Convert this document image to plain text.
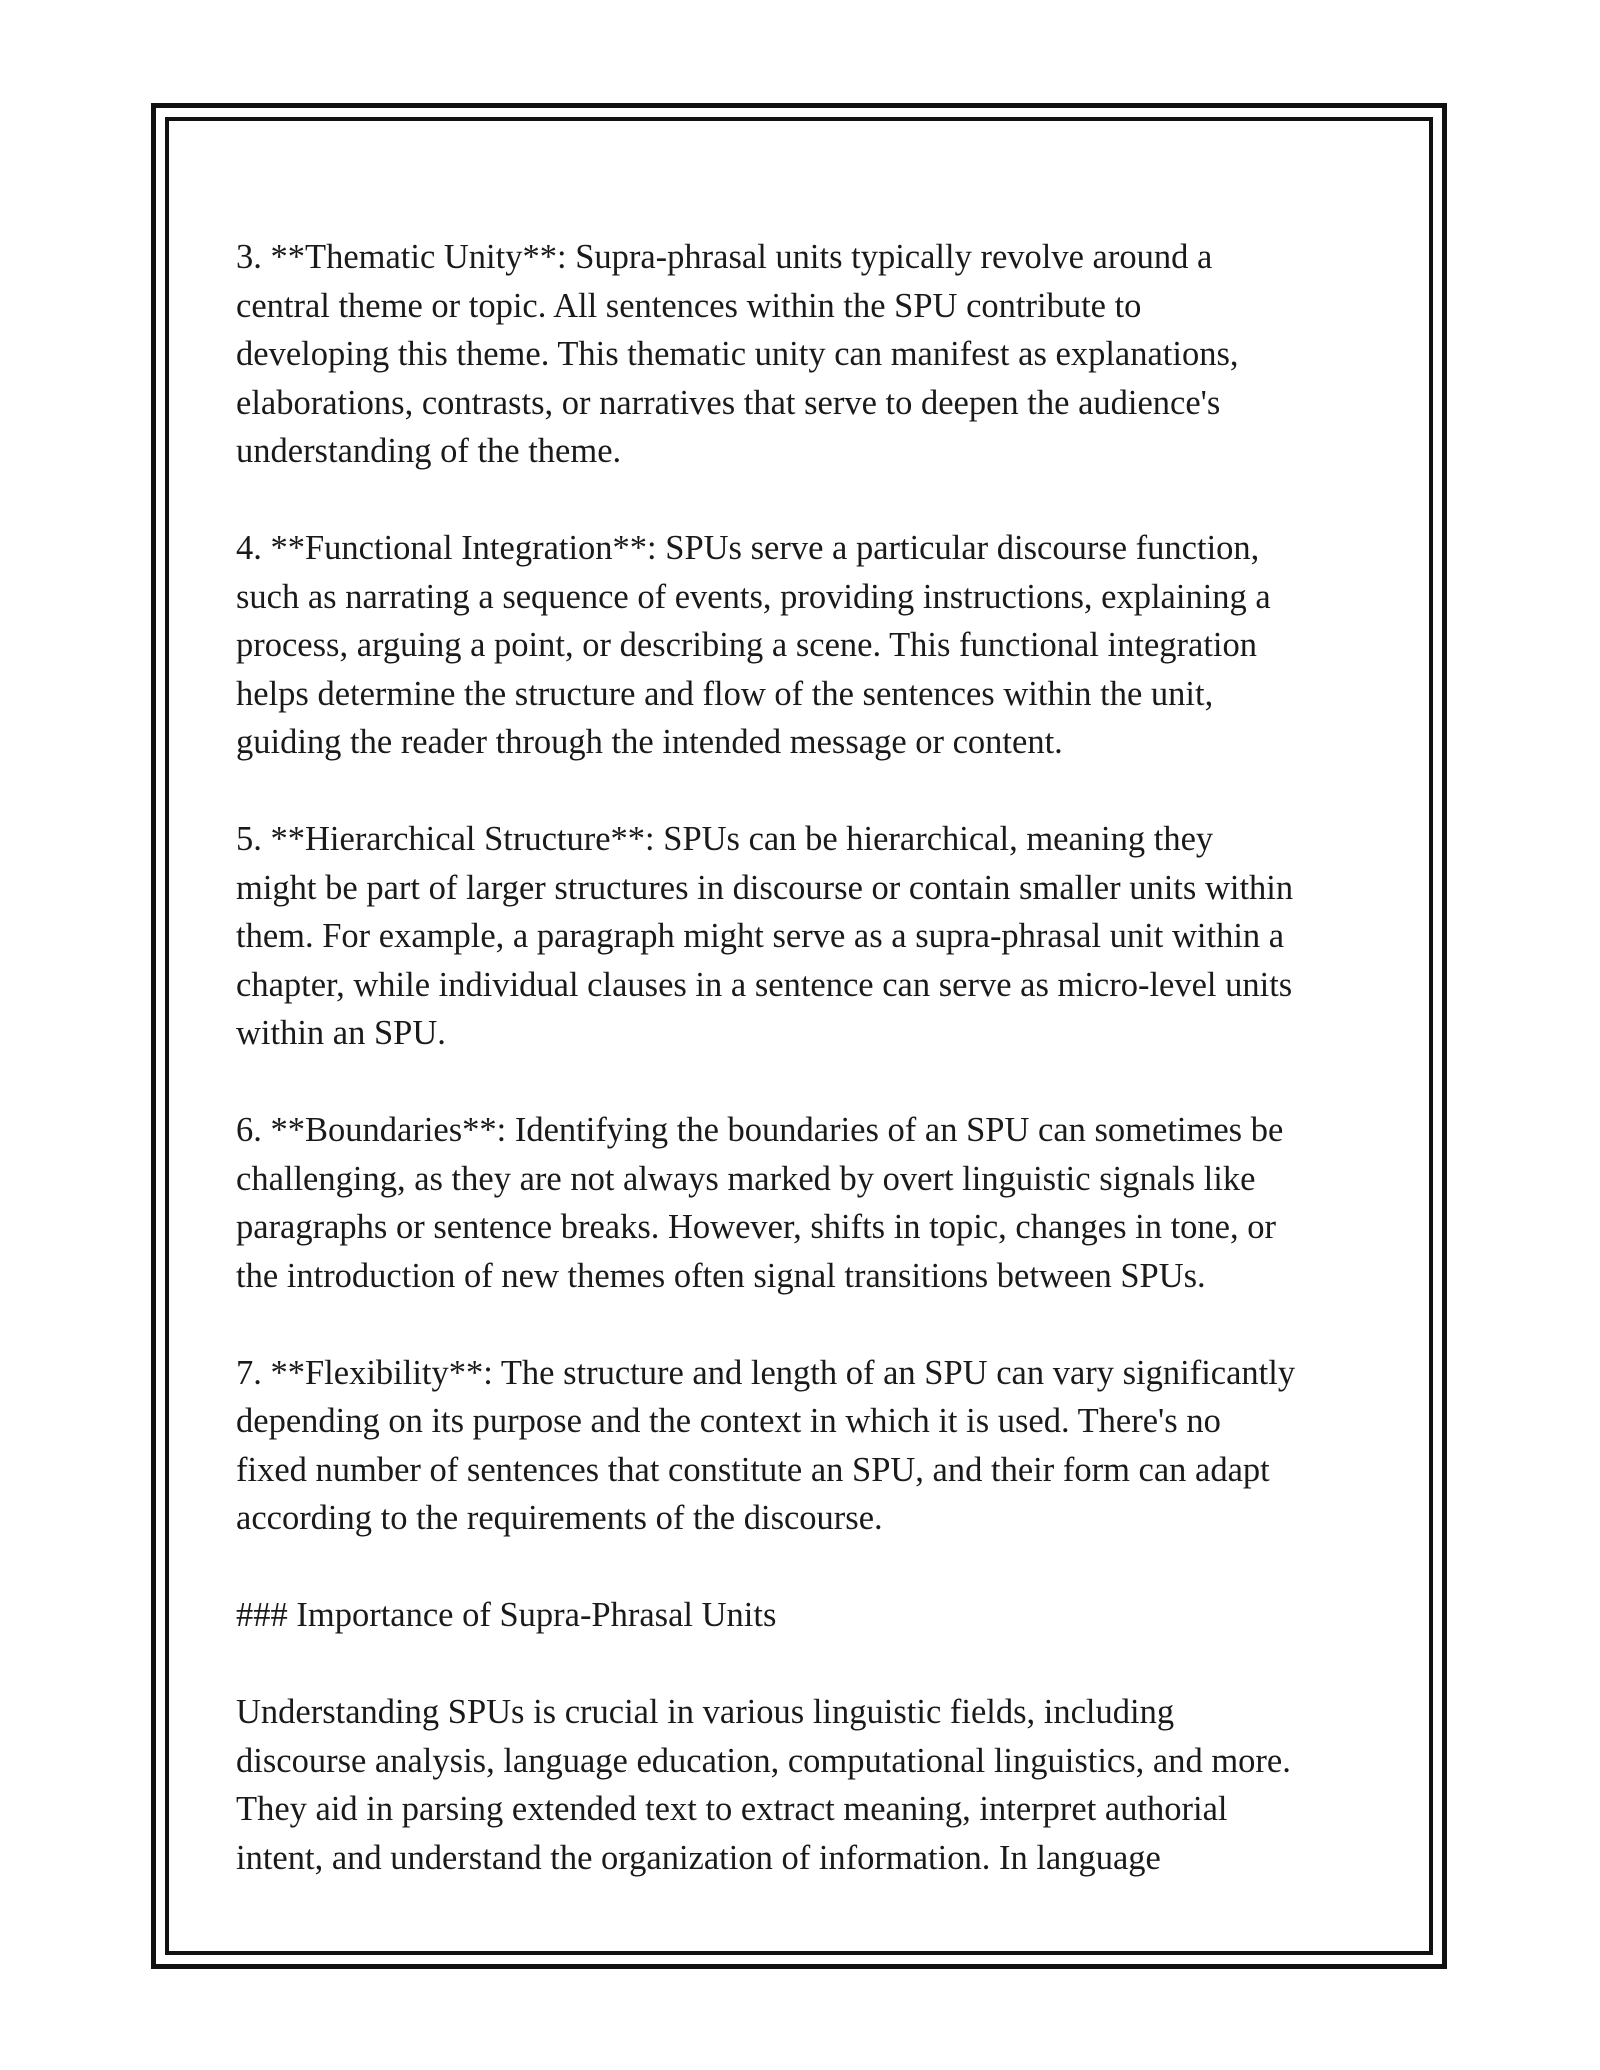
3. **Thematic Unity**: Supra-phrasal units typically revolve around a
central theme or topic. All sentences within the SPU contribute to
developing this theme. This thematic unity can manifest as explanations,
elaborations, contrasts, or narratives that serve to deepen the audience's
understanding of the theme.

4. **Functional Integration**: SPUs serve a particular discourse function,
such as narrating a sequence of events, providing instructions, explaining a
process, arguing a point, or describing a scene. This functional integration
helps determine the structure and flow of the sentences within the unit,
guiding the reader through the intended message or content.

5. **Hierarchical Structure**: SPUs can be hierarchical, meaning they
might be part of larger structures in discourse or contain smaller units within
them. For example, a paragraph might serve as a supra-phrasal unit within a
chapter, while individual clauses in a sentence can serve as micro-level units
within an SPU.

6. **Boundaries**: Identifying the boundaries of an SPU can sometimes be
challenging, as they are not always marked by overt linguistic signals like
paragraphs or sentence breaks. However, shifts in topic, changes in tone, or
the introduction of new themes often signal transitions between SPUs.

7. **Flexibility**: The structure and length of an SPU can vary significantly
depending on its purpose and the context in which it is used. There's no
fixed number of sentences that constitute an SPU, and their form can adapt
according to the requirements of the discourse.

### Importance of Supra-Phrasal Units

Understanding SPUs is crucial in various linguistic fields, including
discourse analysis, language education, computational linguistics, and more.
They aid in parsing extended text to extract meaning, interpret authorial
intent, and understand the organization of information. In language
